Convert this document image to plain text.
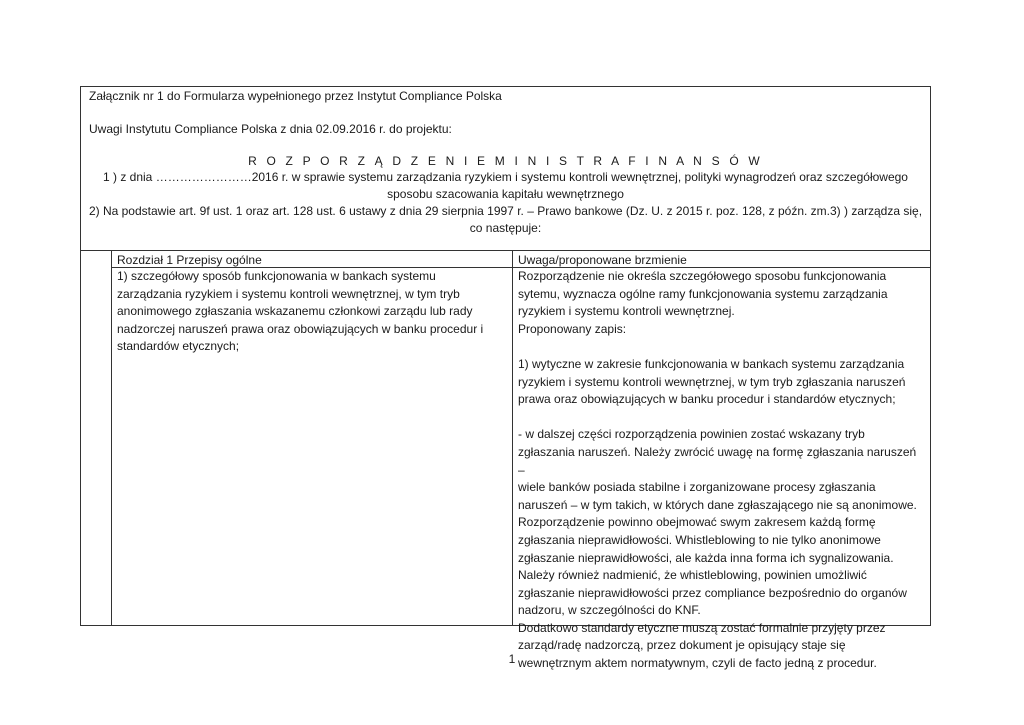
Załącznik nr 1 do Formularza wypełnionego przez Instytut Compliance Polska
Uwagi Instytutu Compliance Polska z dnia 02.09.2016 r. do projektu:
R O Z P O R Z Ą D Z E N I E M I N I S T R A F I N A N S Ó W
1 ) z dnia ……………………2016 r. w sprawie systemu zarządzania ryzykiem i systemu kontroli wewnętrznej, polityki wynagrodzeń oraz szczegółowego
sposobu szacowania kapitału wewnętrznego
2) Na podstawie art. 9f ust. 1 oraz art. 128 ust. 6 ustawy z dnia 29 sierpnia 1997 r. – Prawo bankowe (Dz. U. z 2015 r. poz. 128, z późn. zm.3) ) zarządza się,
co następuje:
Rozdział 1 Przepisy ogólne	Uwaga/proponowane brzmienie
1) szczegółowy sposób funkcjonowania w bankach systemu
zarządzania ryzykiem i systemu kontroli wewnętrznej, w tym tryb
anonimowego zgłaszania wskazanemu członkowi zarządu lub rady
nadzorczej naruszeń prawa oraz obowiązujących w banku procedur i
standardów etycznych;
Rozporządzenie nie określa szczegółowego sposobu funkcjonowania
sytemu, wyznacza ogólne ramy funkcjonowania systemu zarządzania
ryzykiem i systemu kontroli wewnętrznej.
Proponowany zapis:

1) wytyczne w zakresie funkcjonowania w bankach systemu zarządzania
ryzykiem i systemu kontroli wewnętrznej, w tym tryb zgłaszania naruszeń
prawa oraz obowiązujących w banku procedur i standardów etycznych;

- w dalszej części rozporządzenia powinien zostać wskazany tryb
zgłaszania naruszeń. Należy zwrócić uwagę na formę zgłaszania naruszeń –
wiele banków posiada stabilne i zorganizowane procesy zgłaszania
naruszeń – w tym takich, w których dane zgłaszającego nie są anonimowe.
Rozporządzenie powinno obejmować swym zakresem każdą formę
zgłaszania nieprawidłowości. Whistleblowing to nie tylko anonimowe
zgłaszanie nieprawidłowości, ale każda inna forma ich sygnalizowania.
Należy również nadmienić, że whistleblowing, powinien umożliwić
zgłaszanie nieprawidłowości przez compliance bezpośrednio do organów
nadzoru, w szczególności do KNF.
Dodatkowo standardy etyczne muszą zostać formalnie przyjęty przez
zarząd/radę nadzorczą, przez dokument je opisujący staje się
wewnętrznym aktem normatywnym, czyli de facto jedną z procedur.
1
